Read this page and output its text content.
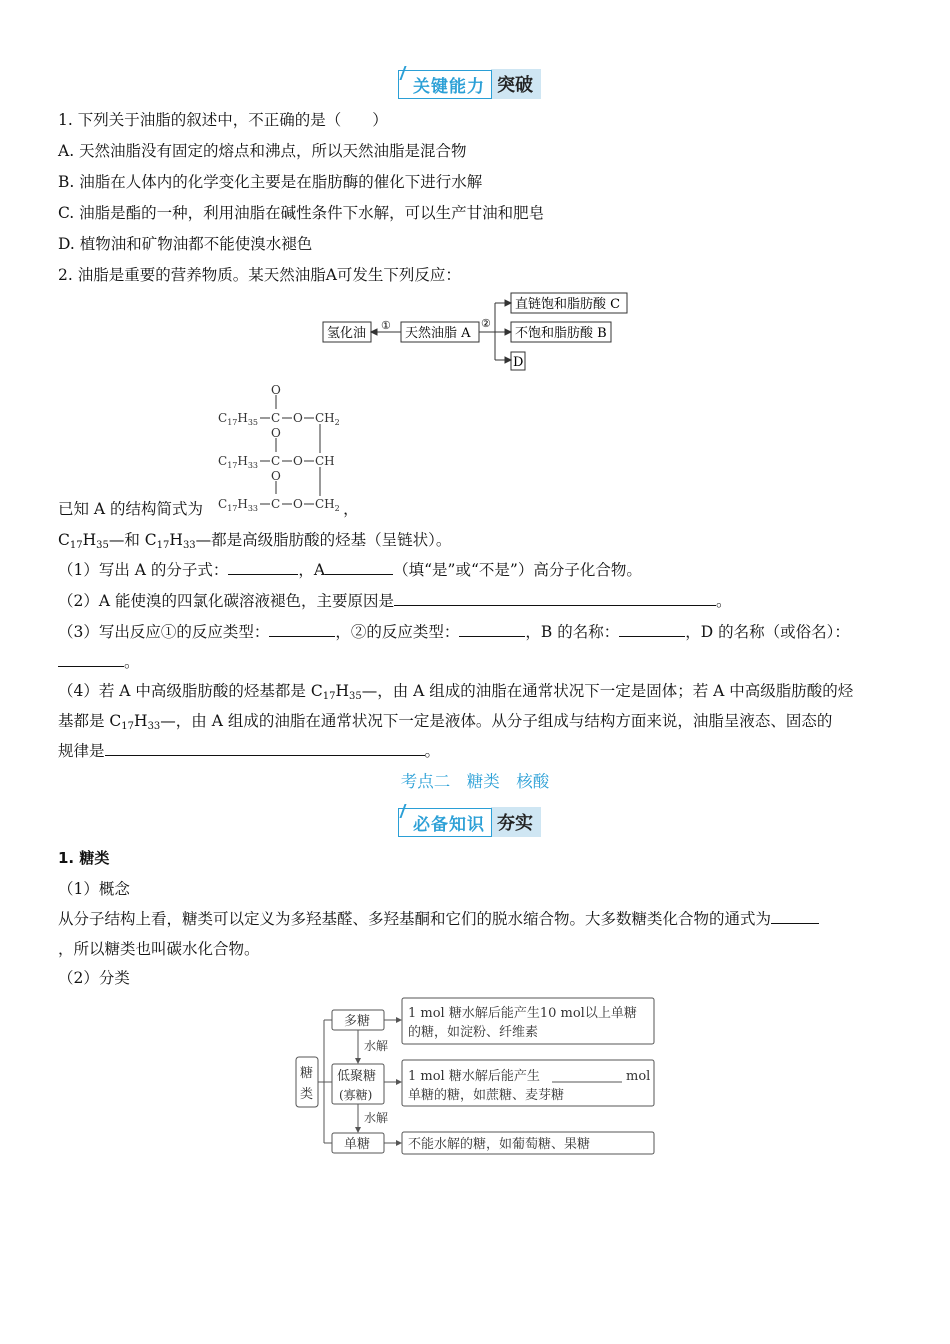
关键能力 突破
1. 下列关于油脂的叙述中，不正确的是（　　）
A. 天然油脂没有固定的熔点和沸点，所以天然油脂是混合物
B. 油脂在人体内的化学变化主要是在脂肪酶的催化下进行水解
C. 油脂是酯的一种，利用油脂在碱性条件下水解，可以生产甘油和肥皂
D. 植物油和矿物油都不能使溴水褪色
2. 油脂是重要的营养物质。某天然油脂A可发生下列反应：
氢化油
①
天然油脂 A
②
直链饱和脂肪酸 C
不饱和脂肪酸 B
D
O
O
O
$C_{17}H_{35}$ C O $CH_2$
$C_{17}H_{33}$ C O CH
$C_{17}H_{33}$ C O $CH_2$
已知 A 的结构简式为	，
$C_{17}H_{35}—$和 $C_{17}H_{33}—$都是高级脂肪酸的烃基（呈链状）。
（1）写出 A 的分子式：	，A	（填“是”或“不是”）高分子化合物。
（2）A 能使溴的四氯化碳溶液褪色，主要原因是	。
（3）写出反应①的反应类型：	，②的反应类型：	，B 的名称：	，D 的名称（或俗名）：
。
（4）若 A 中高级脂肪酸的烃基都是 $C_{17}H_{35}—$，由 A 组成的油脂在通常状况下一定是固体；若 A 中高级脂肪酸的烃
基都是 $C_{17}H_{33}—$，由 A 组成的油脂在通常状况下一定是液体。从分子组成与结构方面来说，油脂呈液态、固态的
规律是	。
考点二　糖类　核酸
必备知识 夯实
1. 糖类
（1）概念
从分子结构上看，糖类可以定义为多羟基醛、多羟基酮和它们的脱水缩合物。大多数糖类化合物的通式为
，所以糖类也叫碳水化合物。
（2）分类
糖
类
多糖
低聚糖
(寡糖)
单糖
水解
水解
1 mol 糖水解后能产生10 mol以上单糖
的糖，如淀粉、纤维素
1 mol 糖水解后能产生	mol
单糖的糖，如蔗糖、麦芽糖
不能水解的糖，如葡萄糖、果糖
